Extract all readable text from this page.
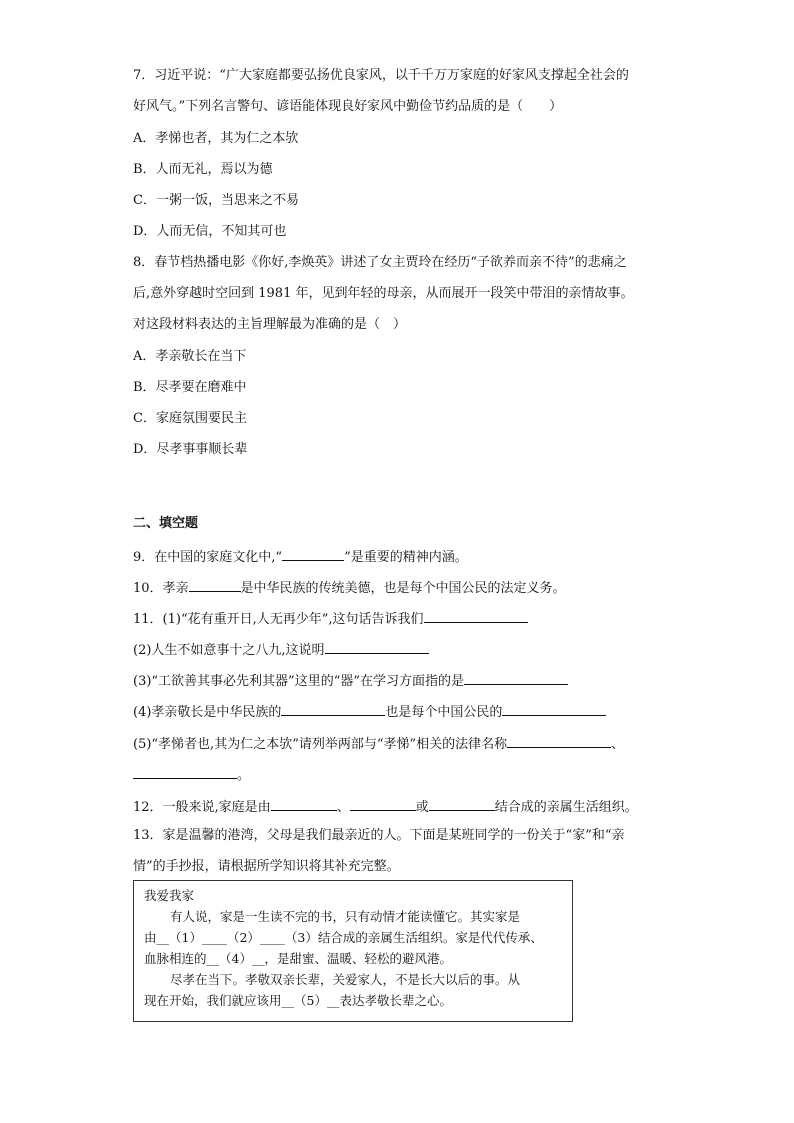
7．习近平说：“广大家庭都要弘扬优良家风，以千千万万家庭的好家风支撑起全社会的
好风气。”下列名言警句、谚语能体现良好家风中勤俭节约品质的是（　　）
A．孝悌也者，其为仁之本欤
B．人而无礼，焉以为德
C．一粥一饭，当思来之不易
D．人而无信，不知其可也
8．春节档热播电影《你好,李焕英》讲述了女主贾玲在经历“子欲养而亲不待”的悲痛之
后,意外穿越时空回到 1981 年，见到年轻的母亲，从而展开一段笑中带泪的亲情故事。
对这段材料表达的主旨理解最为准确的是（　）
A．孝亲敬长在当下
B．尽孝要在磨难中
C．家庭氛围要民主
D．尽孝事事顺长辈
二、填空题
9．在中国的家庭文化中,“	”是重要的精神内涵。
10．孝亲	是中华民族的传统美德，也是每个中国公民的法定义务。
11．(1)“花有重开日,人无再少年”,这句话告诉我们
(2)人生不如意事十之八九,这说明
(3)“工欲善其事必先利其器”这里的“器”在学习方面指的是
(4)孝亲敬长是中华民族的	也是每个中国公民的
(5)“孝悌者也,其为仁之本欤”请列举两部与“孝悌”相关的法律名称	、
。
12．一般来说,家庭是由	、	或	结合成的亲属生活组织。
13．家是温馨的港湾，父母是我们最亲近的人。下面是某班同学的一份关于“家”和“亲
情”的手抄报，请根据所学知识将其补充完整。
我爱我家
有人说，家是一生读不完的书，只有动情才能读懂它。其实家是
由__（1）____（2）____（3）结合成的亲属生活组织。家是代代传承、
血脉相连的__（4）__，是甜蜜、温暖、轻松的避风港。
尽孝在当下。孝敬双亲长辈，关爱家人，不是长大以后的事。从
现在开始，我们就应该用__（5）__表达孝敬长辈之心。
